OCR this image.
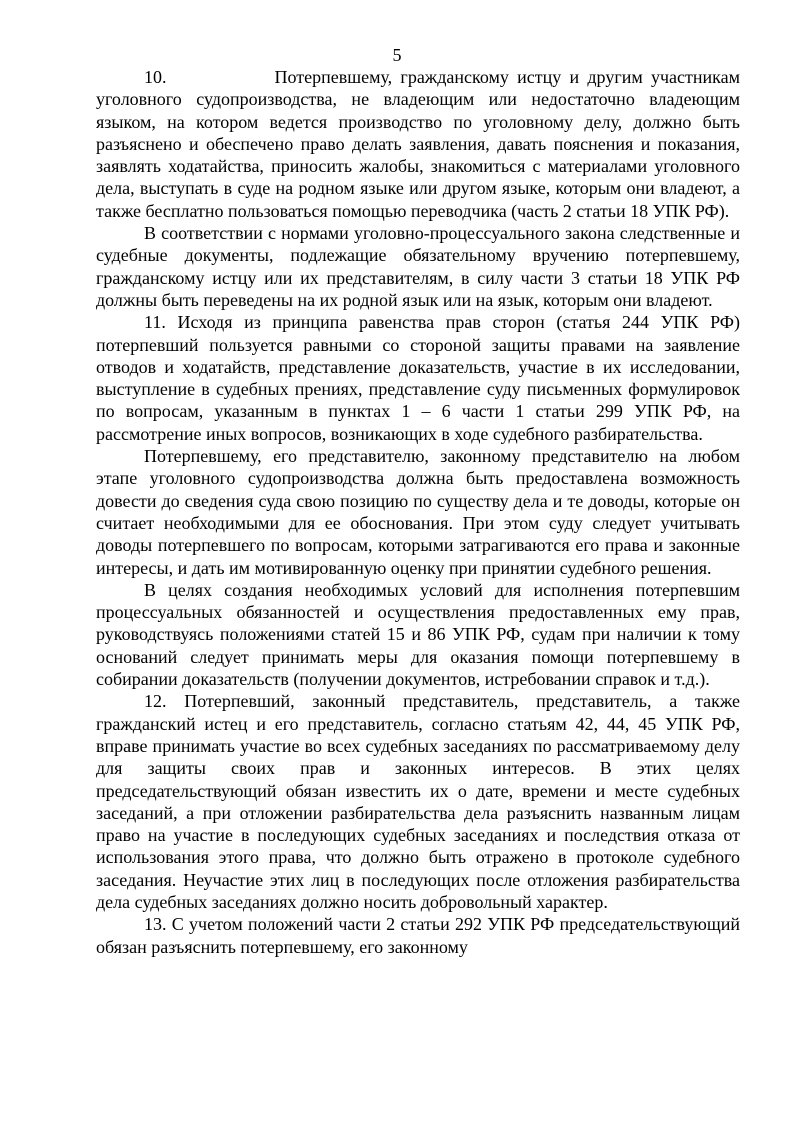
5

10.      	Потерпевшему, гражданскому истцу и другим участникам уголовного судопроизводства, не владеющим или недостаточно владеющим языком, на котором ведется производство по уголовному делу, должно быть разъяснено и обеспечено право делать заявления, давать пояснения и показания, заявлять ходатайства, приносить жалобы, знакомиться с материалами уголовного дела, выступать в суде на родном языке или другом языке, которым они владеют, а также бесплатно пользоваться помощью переводчика (часть 2 статьи 18 УПК РФ).

В соответствии с нормами уголовно-процессуального закона следственные и судебные документы, подлежащие обязательному вручению потерпевшему, гражданскому истцу или их представителям, в силу части 3 статьи 18 УПК РФ должны быть переведены на их родной язык или на язык, которым они владеют.

11. Исходя из принципа равенства прав сторон (статья 244 УПК РФ) потерпевший пользуется равными со стороной защиты правами на заявление отводов и ходатайств, представление доказательств, участие в их исследовании, выступление в судебных прениях, представление суду письменных формулировок по вопросам, указанным в пунктах 1 – 6 части 1 статьи 299 УПК РФ, на рассмотрение иных вопросов, возникающих в ходе судебного разбирательства.

Потерпевшему, его представителю, законному представителю на любом этапе уголовного судопроизводства должна быть предоставлена возможность довести до сведения суда свою позицию по существу дела и те доводы, которые он считает необходимыми для ее обоснования. При этом суду следует учитывать доводы потерпевшего по вопросам, которыми затрагиваются его права и законные интересы, и дать им мотивированную оценку при принятии судебного решения.

В целях создания необходимых условий для исполнения потерпевшим процессуальных обязанностей и осуществления предоставленных ему прав, руководствуясь положениями статей 15 и 86 УПК РФ, судам при наличии к тому оснований следует принимать меры для оказания помощи потерпевшему в собирании доказательств (получении документов, истребовании справок и т.д.).

12. Потерпевший, законный представитель, представитель, а также гражданский истец и его представитель, согласно статьям 42, 44, 45 УПК РФ, вправе принимать участие во всех судебных заседаниях по рассматриваемому делу для защиты своих прав и законных интересов. В этих целях председательствующий обязан известить их о дате, времени и месте судебных заседаний, а при отложении разбирательства дела разъяснить названным лицам право на участие в последующих судебных заседаниях и последствия отказа от использования этого права, что должно быть отражено в протоколе судебного заседания. Неучастие этих лиц в последующих после отложения разбирательства дела судебных заседаниях должно носить добровольный характер.

13. С учетом положений части 2 статьи 292 УПК РФ председательствующий обязан разъяснить потерпевшему, его законному
